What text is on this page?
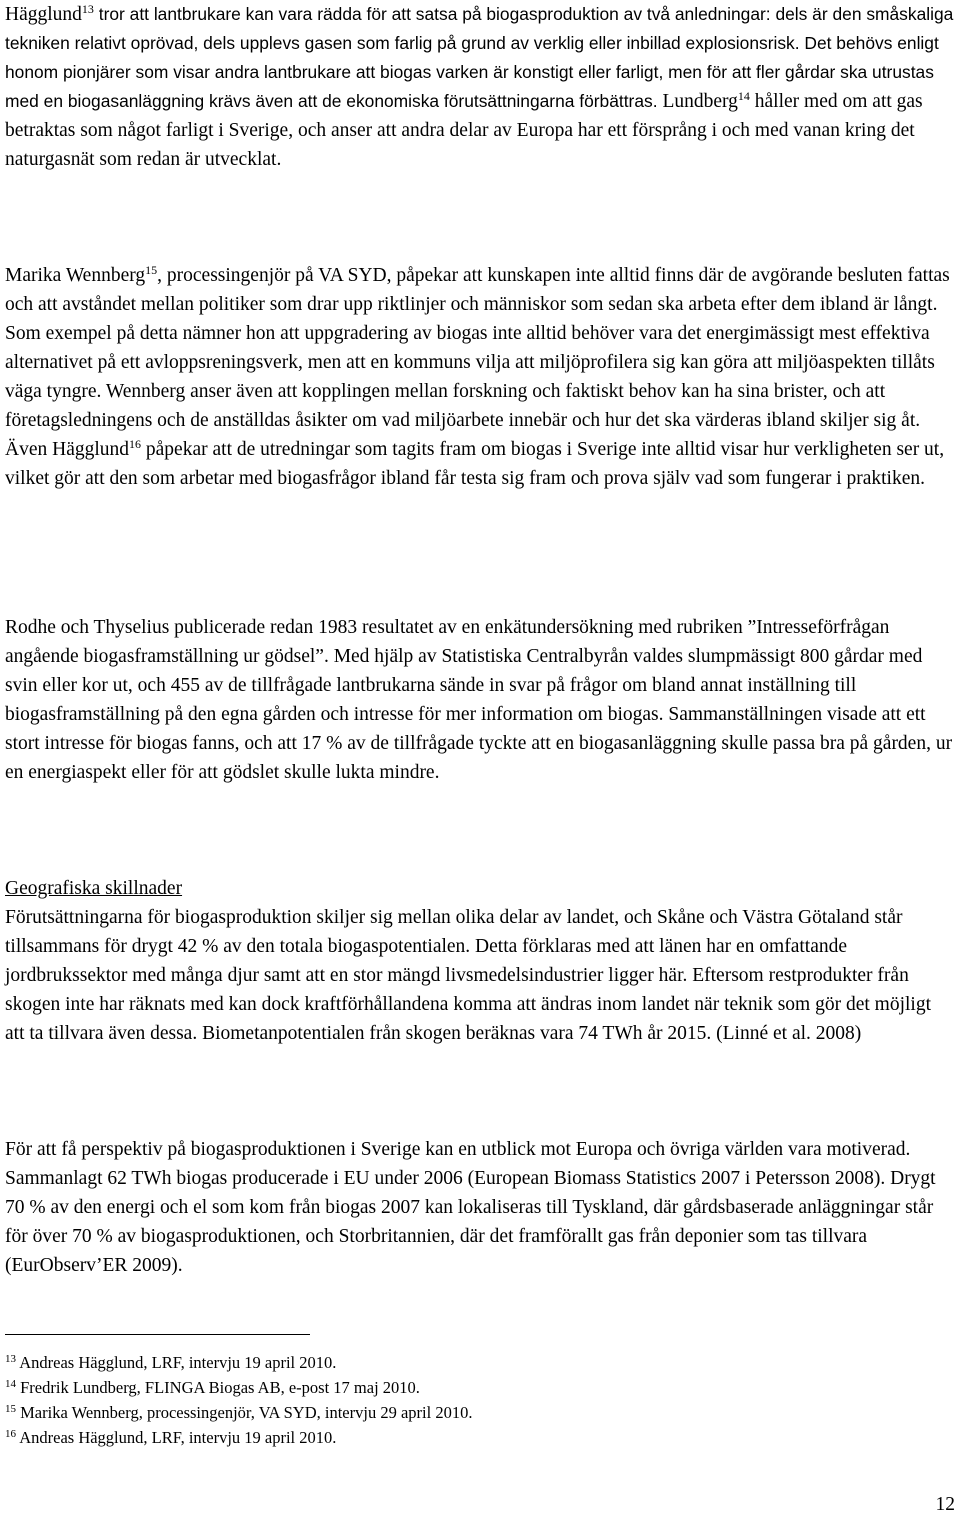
Hägglund$^{13}$ tror att lantbrukare kan vara rädda för att satsa på biogasproduktion av två anledningar: dels är den småskaliga tekniken relativt oprövad, dels upplevs gasen som farlig på grund av verklig eller inbillad explosionsrisk. Det behövs enligt honom pionjärer som visar andra lantbrukare att biogas varken är konstigt eller farligt, men för att fler gårdar ska utrustas med en biogasanläggning krävs även att de ekonomiska förutsättningarna förbättras. Lundberg$^{14}$ håller med om att gas betraktas som något farligt i Sverige, och anser att andra delar av Europa har ett försprång i och med vanan kring det naturgasnät som redan är utvecklat.

Marika Wennberg$^{15}$, processingenjör på VA SYD, påpekar att kunskapen inte alltid finns där de avgörande besluten fattas och att avståndet mellan politiker som drar upp riktlinjer och människor som sedan ska arbeta efter dem ibland är långt. Som exempel på detta nämner hon att uppgradering av biogas inte alltid behöver vara det energimässigt mest effektiva alternativet på ett avloppsreningsverk, men att en kommuns vilja att miljöprofilera sig kan göra att miljöaspekten tillåts väga tyngre. Wennberg anser även att kopplingen mellan forskning och faktiskt behov kan ha sina brister, och att företagsledningens och de anställdas åsikter om vad miljöarbete innebär och hur det ska värderas ibland skiljer sig åt. Även Hägglund$^{16}$ påpekar att de utredningar som tagits fram om biogas i Sverige inte alltid visar hur verkligheten ser ut, vilket gör att den som arbetar med biogasfrågor ibland får testa sig fram och prova själv vad som fungerar i praktiken.

Rodhe och Thyselius publicerade redan 1983 resultatet av en enkätundersökning med rubriken ”Intresseförfrågan angående biogasframställning ur gödsel”. Med hjälp av Statistiska Centralbyrån valdes slumpmässigt 800 gårdar med svin eller kor ut, och 455 av de tillfrågade lantbrukarna sände in svar på frågor om bland annat inställning till biogasframställning på den egna gården och intresse för mer information om biogas. Sammanställningen visade att ett stort intresse för biogas fanns, och att 17 % av de tillfrågade tyckte att en biogasanläggning skulle passa bra på gården, ur en energiaspekt eller för att gödslet skulle lukta mindre.

Geografiska skillnader

Förutsättningarna för biogasproduktion skiljer sig mellan olika delar av landet, och Skåne och Västra Götaland står tillsammans för drygt 42 % av den totala biogaspotentialen. Detta förklaras med att länen har en omfattande jordbrukssektor med många djur samt att en stor mängd livsmedelsindustrier ligger här. Eftersom restprodukter från skogen inte har räknats med kan dock kraftförhållandena komma att ändras inom landet när teknik som gör det möjligt att ta tillvara även dessa. Biometanpotentialen från skogen beräknas vara 74 TWh år 2015. (Linné et al. 2008)

För att få perspektiv på biogasproduktionen i Sverige kan en utblick mot Europa och övriga världen vara motiverad. Sammanlagt 62 TWh biogas producerade i EU under 2006 (European Biomass Statistics 2007 i Petersson 2008). Drygt 70 % av den energi och el som kom från biogas 2007 kan lokaliseras till Tyskland, där gårdsbaserade anläggningar står för över 70 % av biogasproduktionen, och Storbritannien, där det framförallt gas från deponier som tas tillvara (EurObserv’ER 2009).

$^{13}$ Andreas Hägglund, LRF, intervju 19 april 2010.

$^{14}$ Fredrik Lundberg, FLINGA Biogas AB, e-post 17 maj 2010.

$^{15}$ Marika Wennberg, processingenjör, VA SYD, intervju 29 april 2010.

$^{16}$ Andreas Hägglund, LRF, intervju 19 april 2010.

12
